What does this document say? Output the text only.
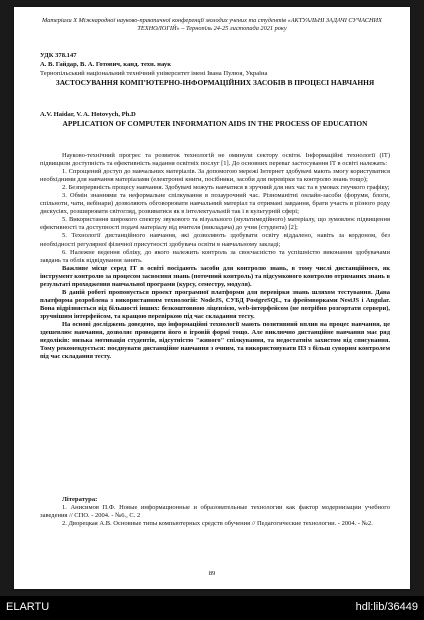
Матеріали Х Міжнародної науково-практичної конференції молодих учених та студентів «АКТУАЛЬНІ ЗАДАЧІ СУЧАСНИХ ТЕХНОЛОГІЙ» – Тернопіль 24-25 листопада 2021 року
УДК 378.147
А. В. Гайдар, В. А. Готович, канд. техн. наук
Тернопільський національний технічний університет імені Івана Пулюя, Україна
ЗАСТОСУВАННЯ КОМП’ЮТЕРНО-ІНФОРМАЦІЙНИХ ЗАСОБІВ В ПРОЦЕСІ НАВЧАННЯ
A.V. Haidar, V. A. Hotovych, Ph.D
APPLICATION OF COMPUTER INFORMATION AIDS IN THE PROCESS OF EDUCATION

Науково-технічний прогрес та розвиток технологій не оминули сектору освіти. Інформаційні технології (ІТ) підвищили доступність та ефективність надання освітніх послуг [1]. До основних переваг застосування ІТ в освіті належать:

1. Спрощений доступ до навчальних матеріалів. За допомогою мережі Інтернет здобувачі мають змогу користуватися необхідними для навчання матеріалами (електронні книги, посібники, засоби для перевірки та контролю знань тощо);

2. Безперервність процесу навчання. Здобувачі можуть навчатися в зручний для них час та в умовах гнучкого графіку;

3. Обмін знаннями та неформальне спілкування в позаурочний час. Різноманітні онлайн-засоби (форуми, блоги, спільноти, чати, вебінари) дозволяють обговорювати навчальний матеріал та отримані завдання, брати участь в різного роду дискусіях, розширювати світогляд, розвиватися як в інтелектуальній так і в культурній сфері;

5. Використання широкого спектру звукового та візуального (мультимедійного) матеріалу, що зумовлює підвищення ефективності та доступності подачі матеріалу від вчителя (викладача) до учня (студента) [2];

5. Технології дистанційного навчання, які дозволяють здобувати освіту віддалено, навіть за кордоном, без необхідності регулярної фізичної присутності здобувача освіти в навчальному закладі;

6. Належне ведення обліку, до якого належить контроль за своєчасністю та успішністю виконання здобувачами завдань та облік відвідування занять.

Важливе місце серед ІТ в освіті посідають засоби для контролю знань, в тому числі дистанційного, як інструмент контролю за процесом засвоєння знань (поточний контроль) та підсумкового контролю отриманих знань в результаті проходження навчальної програми (курсу, семестру, модуля).

В даній роботі пропонується проект програмної платформи для перевірки знань шляхом тестування. Дана платформа розроблена з використанням технологій: NodeJS, СУБД PostgreSQL, та фреймворками NestJS і Angular. Вона відрізняється від більшості інших: безкоштовною ліцензією, web-інтерфейсом (не потрібно розгортати сервери), зручнішим інтерфейсом, та кращою перевіркою під час складання тесту.

На основі досліджень доведено, що інформаційні технології мають позитивний вплив на процес навчання, це здешевлює навчання, дозволяє проводити його в ігровій формі тощо. Але виключно дистанційне навчання має ряд недоліків: низька мотивація студентів, відсутністю "живого" спілкування, та недостатнім захистом від списування. Тому рекомендується: поєднувати дистанційне навчання з очним, та використовувати ПЗ з більш суворим контролем під час складання тесту.

Література:

1. Анисимов П.Ф. Новые информационные и образовательные технологии как фактор модернизации учебного заведения // СПО. - 2004. - №6., С. 2

2. Дворецкая А.В. Основные типы компьютерных средств обучения // Педагогические технологии. - 2004. - №2.

89
ELARTU	hdl:lib/36449
